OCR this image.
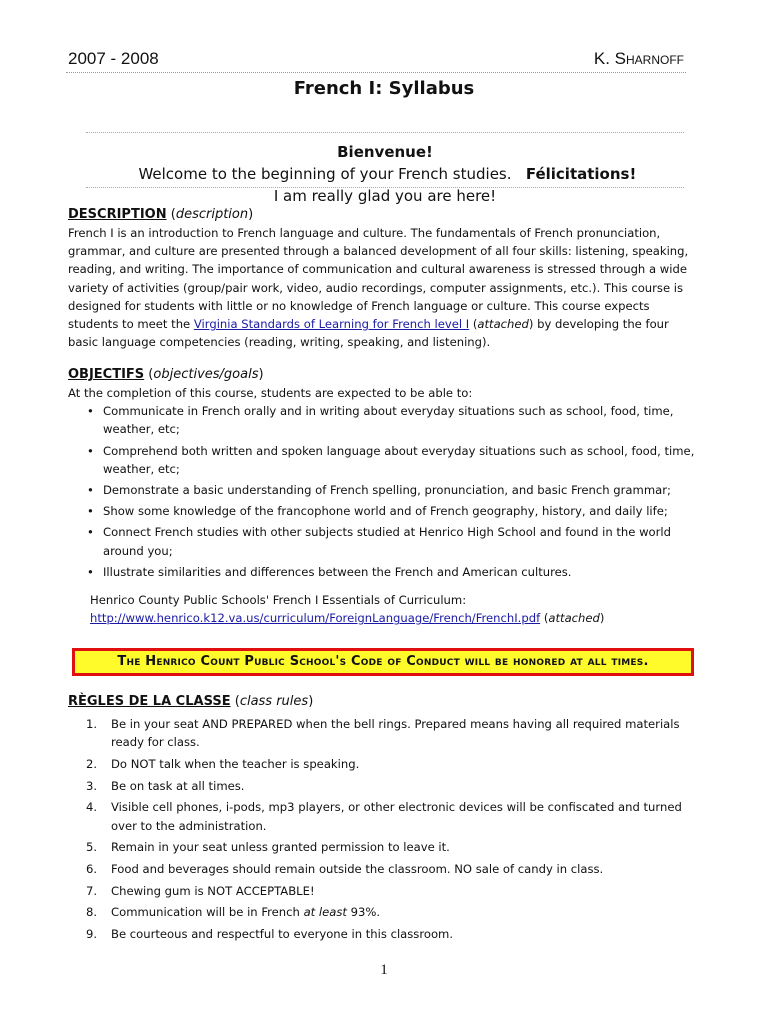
2007 - 2008	K. Sharnoff
French I: Syllabus
Bienvenue! Welcome to the beginning of your French studies.   Félicitations!
I am really glad you are here!
DESCRIPTION (description)
French I is an introduction to French language and culture. The fundamentals of French pronunciation, grammar, and culture are presented through a balanced development of all four skills: listening, speaking, reading, and writing. The importance of communication and cultural awareness is stressed through a wide variety of activities (group/pair work, video, audio recordings, computer assignments, etc.). This course is designed for students with little or no knowledge of French language or culture. This course expects students to meet the Virginia Standards of Learning for French level I (attached) by developing the four basic language competencies (reading, writing, speaking, and listening).
OBJECTIFS (objectives/goals)
At the completion of this course, students are expected to be able to:
• Communicate in French orally and in writing about everyday situations such as school, food, time, weather, etc;
• Comprehend both written and spoken language about everyday situations such as school, food, time, weather, etc;
• Demonstrate a basic understanding of French spelling, pronunciation, and basic French grammar;
• Show some knowledge of the francophone world and of French geography, history, and daily life;
• Connect French studies with other subjects studied at Henrico High School and found in the world around you;
• Illustrate similarities and differences between the French and American cultures.
Henrico County Public Schools' French I Essentials of Curriculum:
http://www.henrico.k12.va.us/curriculum/ForeignLanguage/French/FrenchI.pdf (attached)
The Henrico Count Public School's Code of Conduct will be honored at all times.
RÈGLES DE LA CLASSE (class rules)
1. Be in your seat AND PREPARED when the bell rings. Prepared means having all required materials ready for class.
2. Do NOT talk when the teacher is speaking.
3. Be on task at all times.
4. Visible cell phones, i-pods, mp3 players, or other electronic devices will be confiscated and turned over to the administration.
5. Remain in your seat unless granted permission to leave it.
6. Food and beverages should remain outside the classroom. NO sale of candy in class.
7. Chewing gum is NOT ACCEPTABLE!
8. Communication will be in French at least 93%.
9. Be courteous and respectful to everyone in this classroom.
1
